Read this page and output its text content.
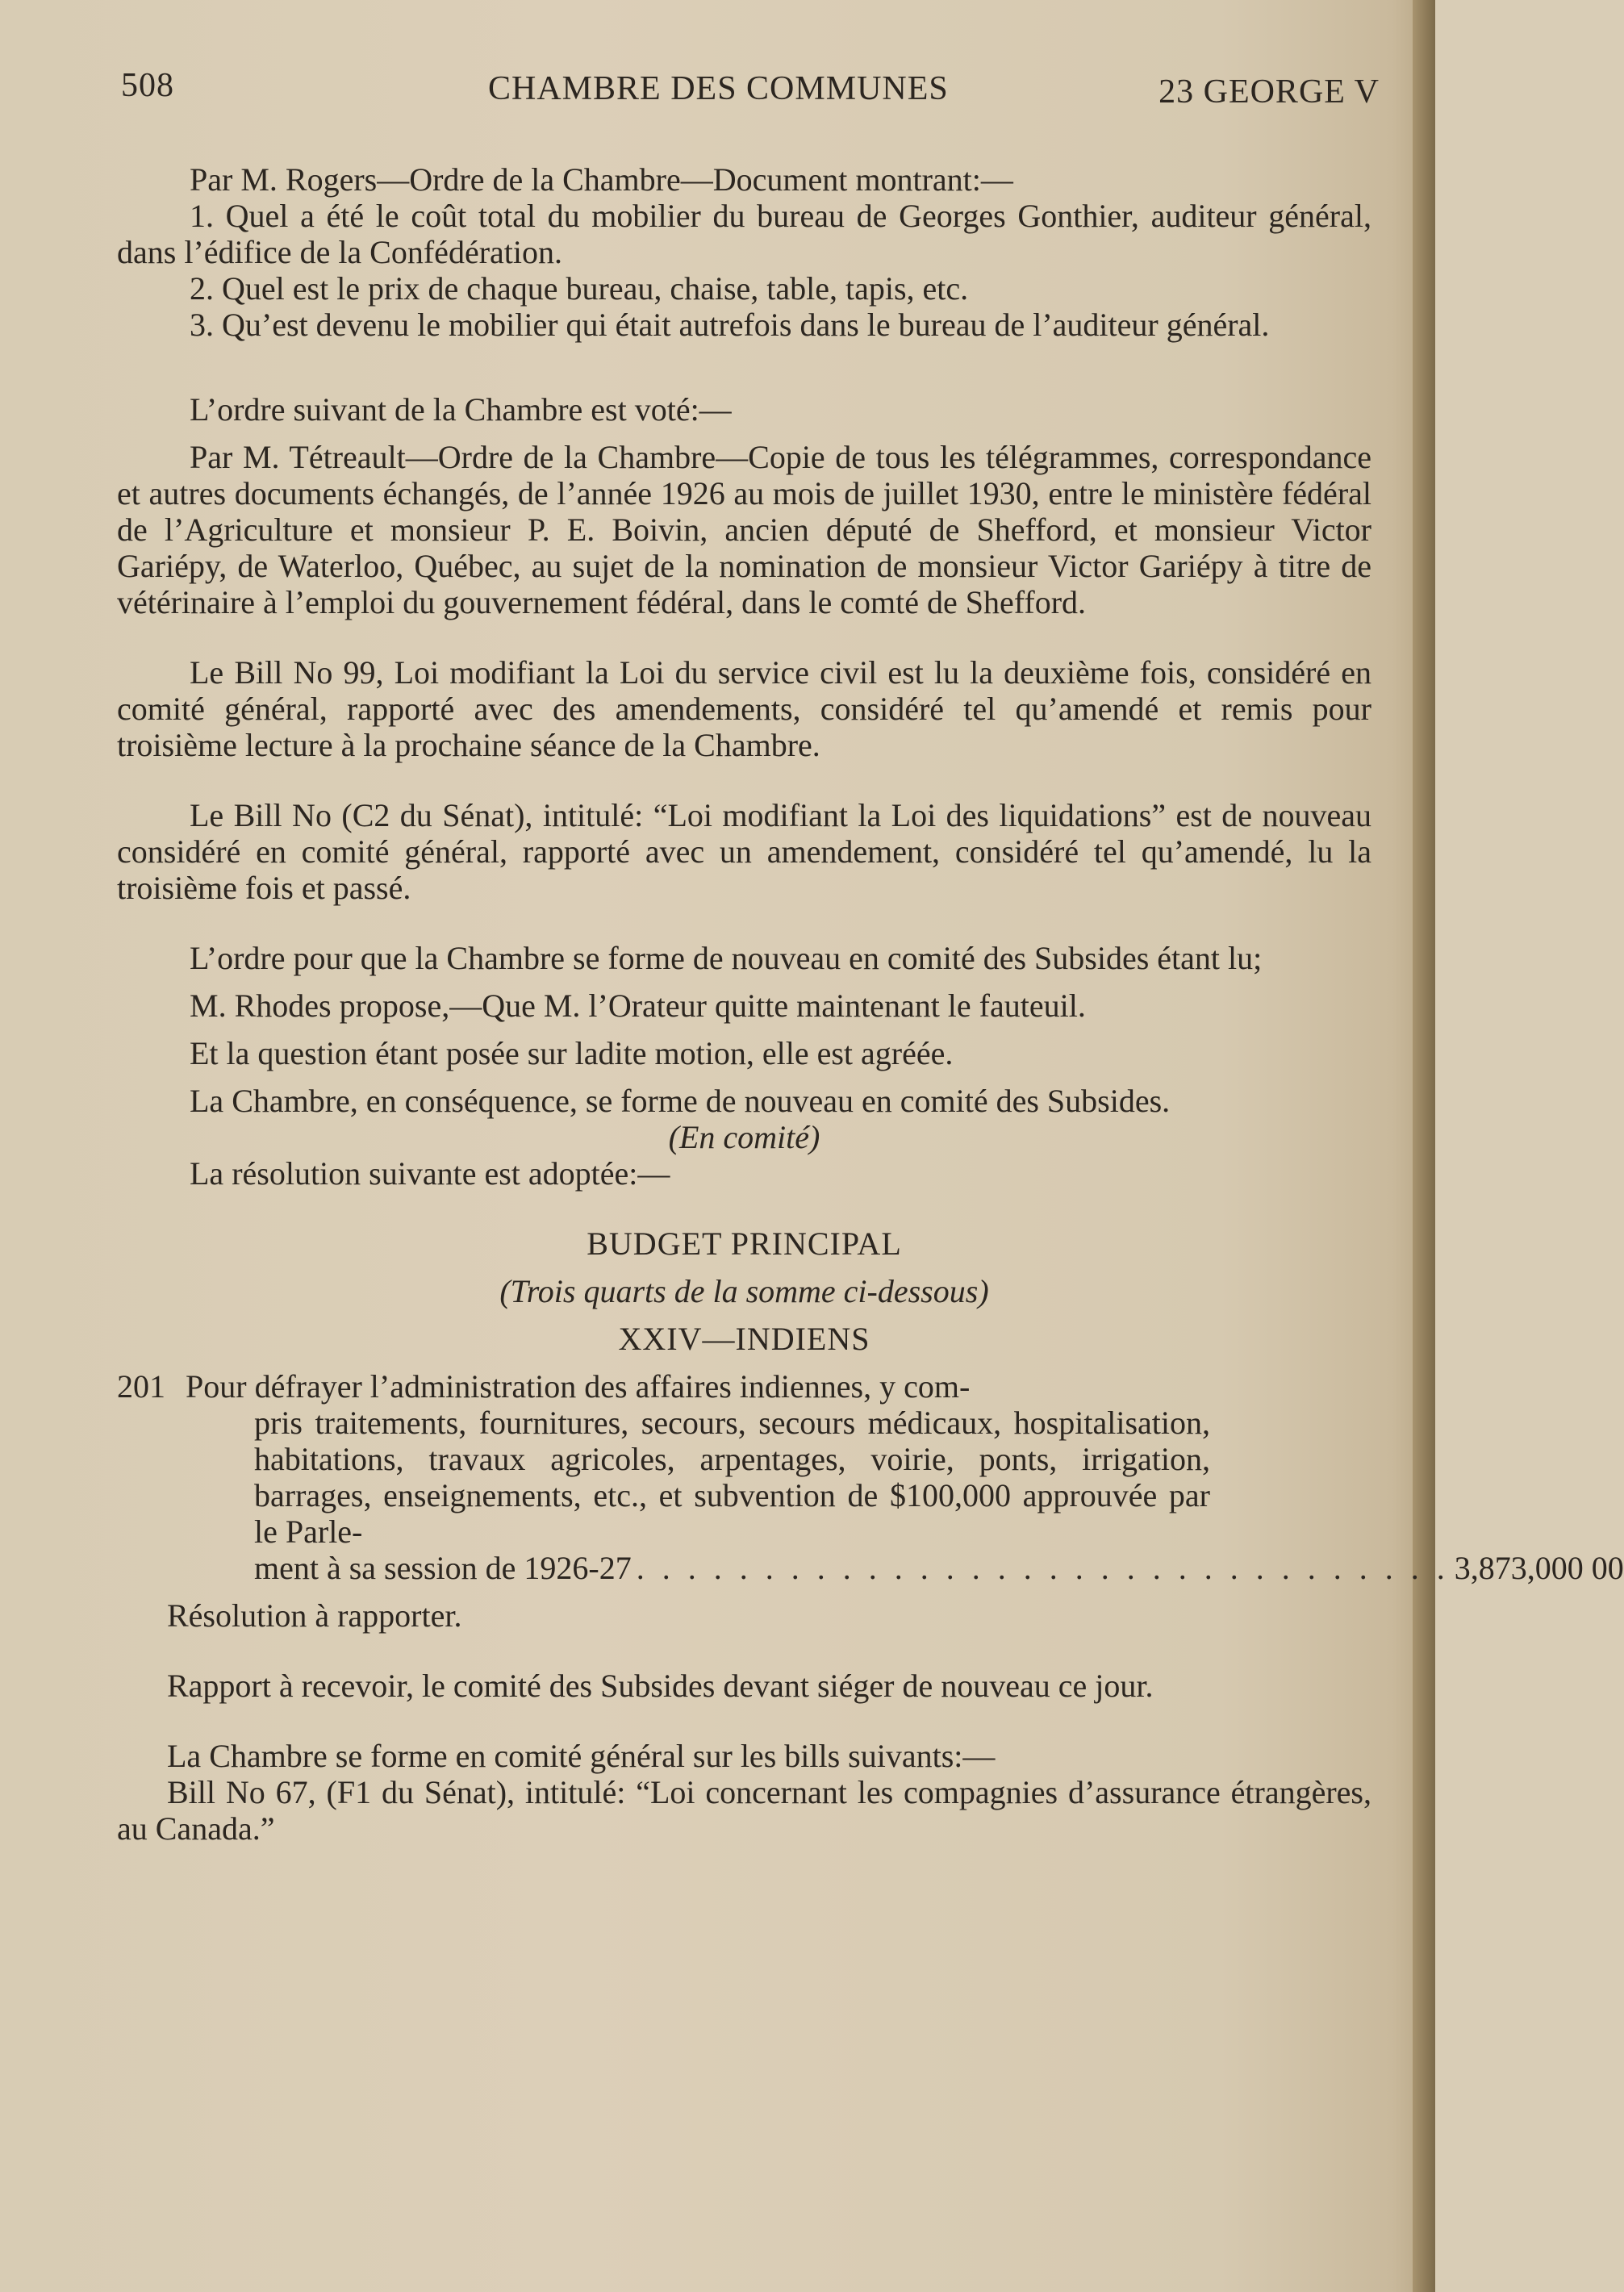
508	CHAMBRE DES COMMUNES	23 GEORGE V

Par M. Rogers—Ordre de la Chambre—Document montrant:—

1. Quel a été le coût total du mobilier du bureau de Georges Gonthier, auditeur général, dans l’édifice de la Confédération.

2. Quel est le prix de chaque bureau, chaise, table, tapis, etc.

3. Qu’est devenu le mobilier qui était autrefois dans le bureau de l’auditeur général.

L’ordre suivant de la Chambre est voté:—

Par M. Tétreault—Ordre de la Chambre—Copie de tous les télégrammes, correspondance et autres documents échangés, de l’année 1926 au mois de juillet 1930, entre le ministère fédéral de l’Agriculture et monsieur P. E. Boivin, ancien député de Shefford, et monsieur Victor Gariépy, de Waterloo, Québec, au sujet de la nomination de monsieur Victor Gariépy à titre de vétérinaire à l’emploi du gouvernement fédéral, dans le comté de Shefford.

Le Bill No 99, Loi modifiant la Loi du service civil est lu la deuxième fois, considéré en comité général, rapporté avec des amendements, considéré tel qu’amendé et remis pour troisième lecture à la prochaine séance de la Chambre.

Le Bill No (C2 du Sénat), intitulé: “Loi modifiant la Loi des liquidations” est de nouveau considéré en comité général, rapporté avec un amendement, considéré tel qu’amendé, lu la troisième fois et passé.

L’ordre pour que la Chambre se forme de nouveau en comité des Subsides étant lu;

M. Rhodes propose,—Que M. l’Orateur quitte maintenant le fauteuil.

Et la question étant posée sur ladite motion, elle est agréée.

La Chambre, en conséquence, se forme de nouveau en comité des Subsides.

(En comité)

La résolution suivante est adoptée:—

BUDGET PRINCIPAL

(Trois quarts de la somme ci-dessous)

XXIV—INDIENS

201 Pour défrayer l’administration des affaires indiennes, y com-

pris traitements, fournitures, secours, secours médicaux, hospitalisation, habitations, travaux agricoles, arpentages, voirie, ponts, irrigation, barrages, enseignements, etc., et subvention de $100,000 approuvée par le Parle-

ment à sa session de 1926-27 . . . . . . . . . . . . . . . . . . . . . . . . . . . . . . . . 3,873,000 00

Résolution à rapporter.

Rapport à recevoir, le comité des Subsides devant siéger de nouveau ce jour.

La Chambre se forme en comité général sur les bills suivants:—

Bill No 67, (F1 du Sénat), intitulé: “Loi concernant les compagnies d’assurance étrangères, au Canada.”
